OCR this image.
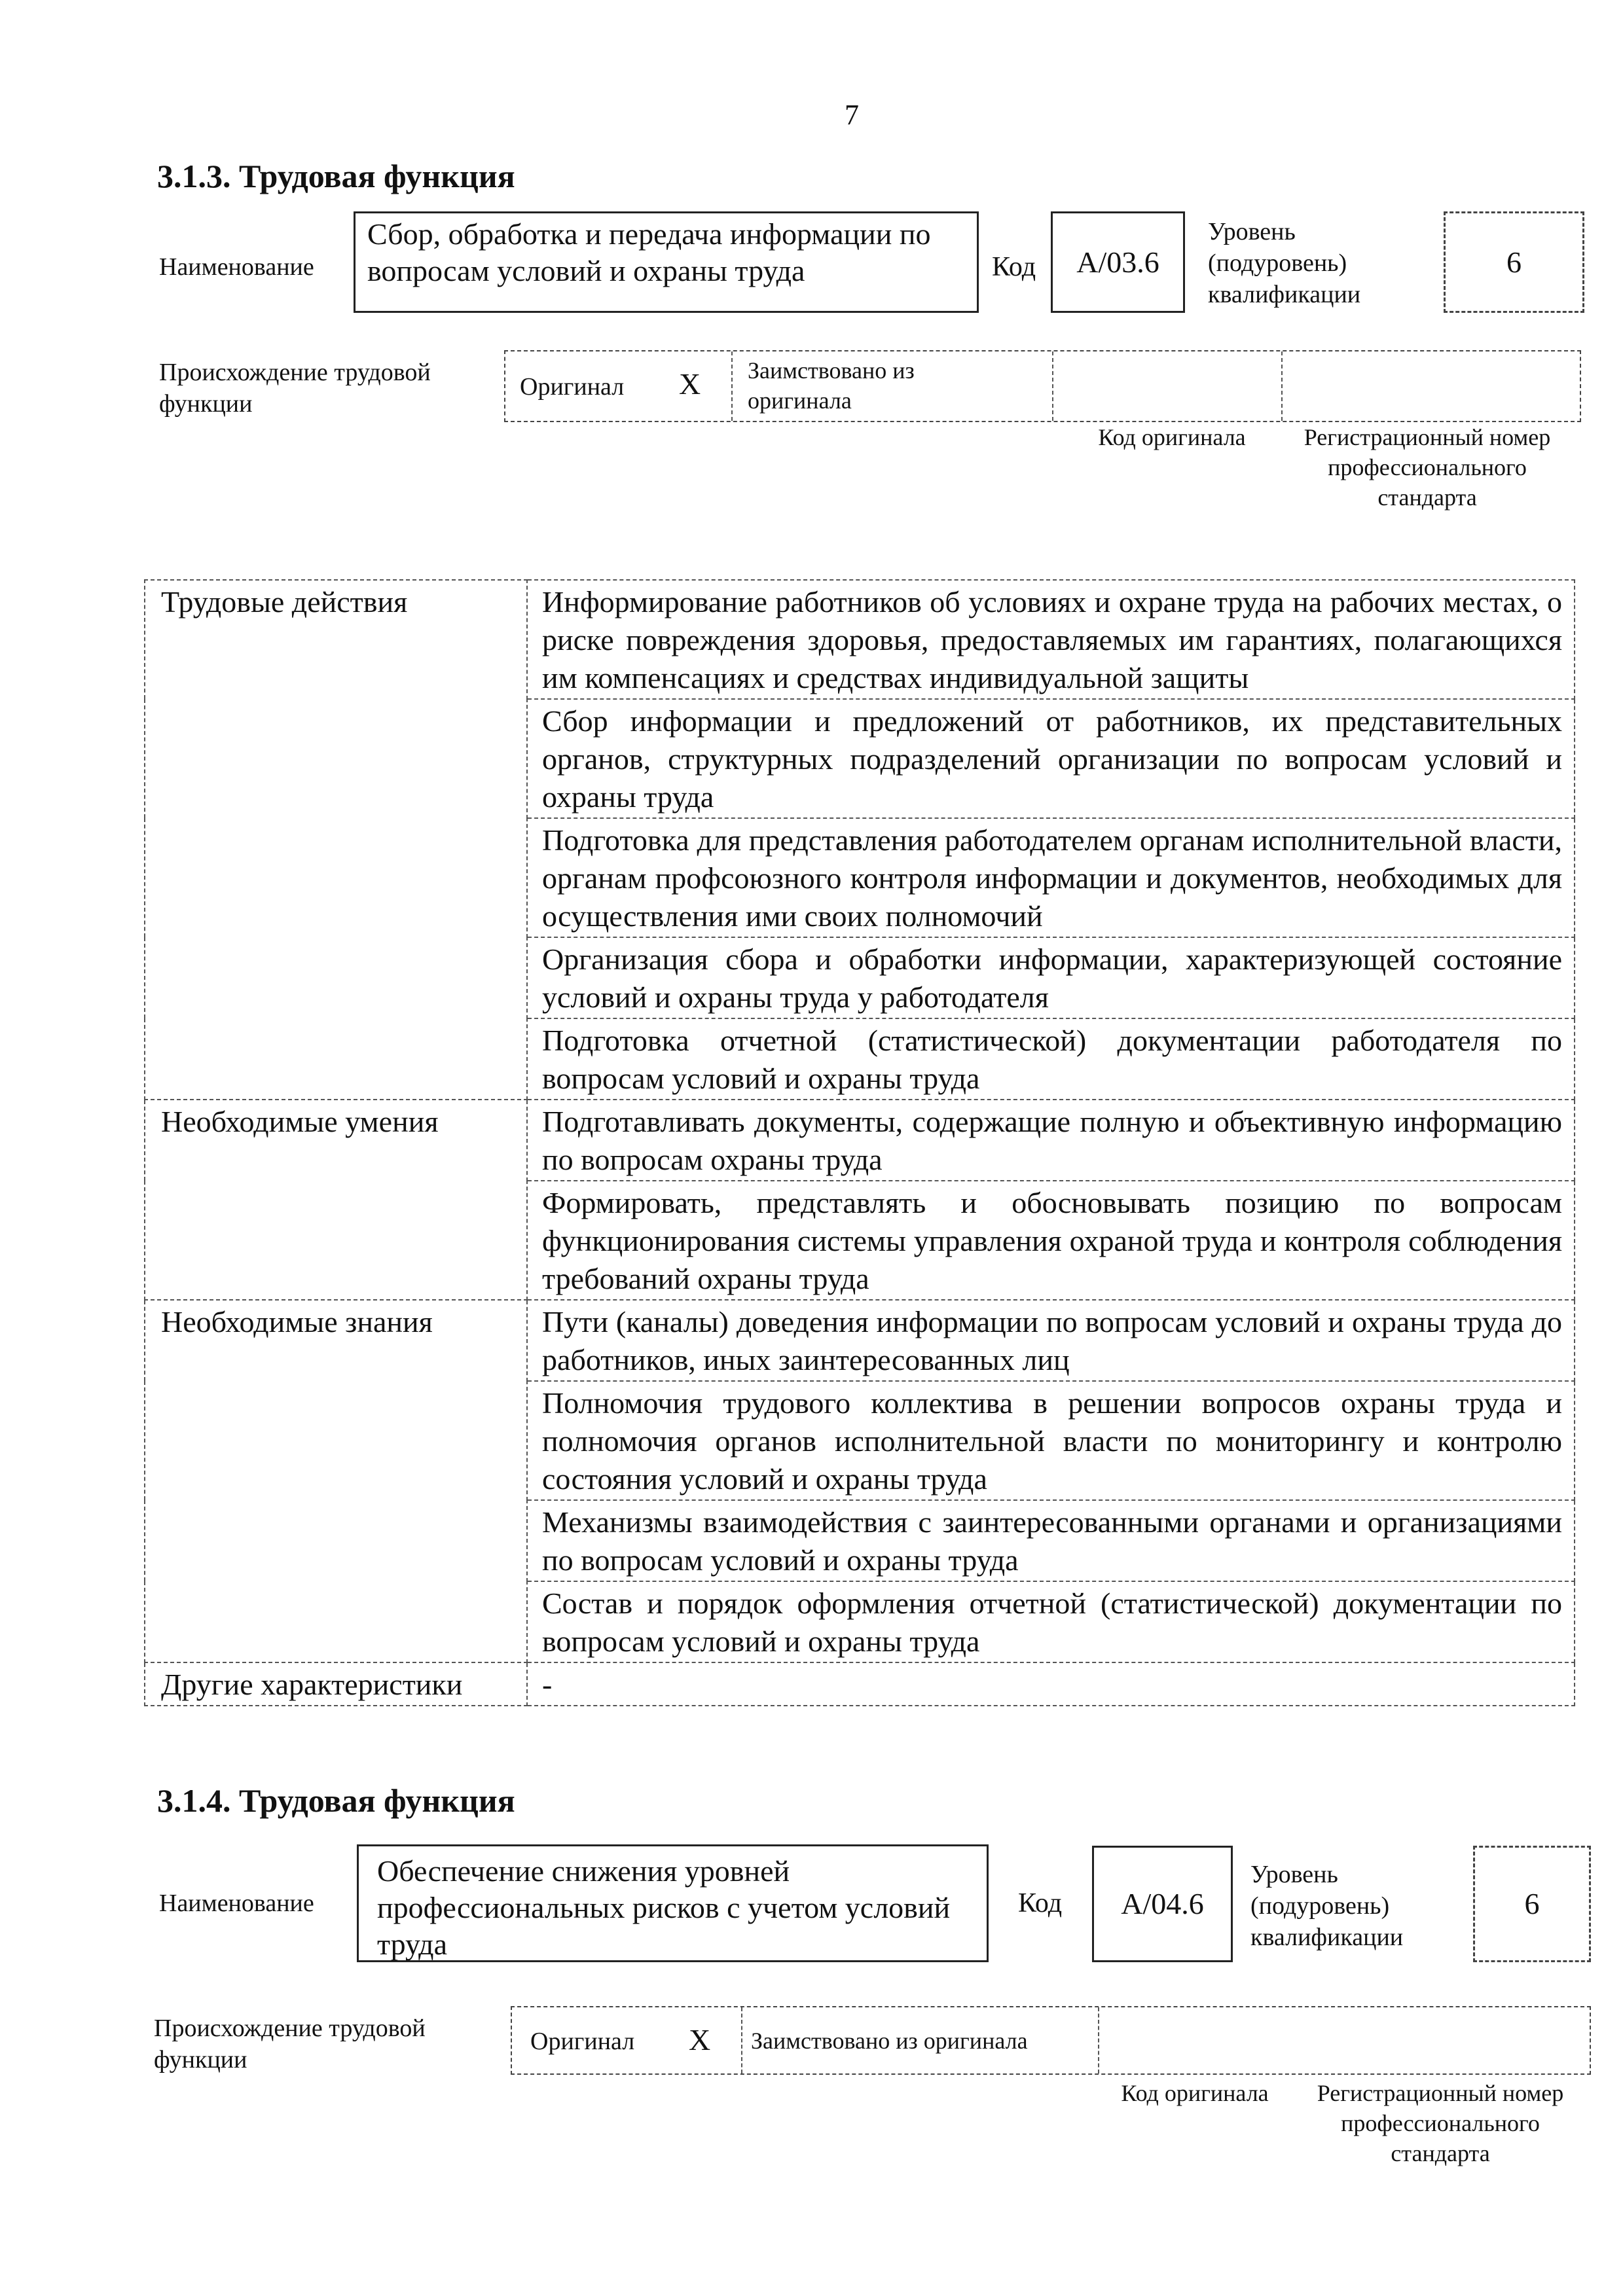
7
3.1.3. Трудовая функция
Наименование
Сбор, обработка и передача информации по вопросам условий и охраны труда	Код A/03.6
Уровень (подуровень) квалификации
6
Происхождение трудовой функции
Оригинал X Заимствовано из оригинала
Код оригинала	Регистрационный номер профессионального стандарта
Трудовые действия	Информирование работников об условиях и охране труда на рабочих местах, о риске повреждения здоровья, предоставляемых им гарантиях, полагающихся им компенсациях и средствах индивидуальной защиты
	Сбор информации и предложений от работников, их представительных органов, структурных подразделений организации по вопросам условий и охраны труда
	Подготовка для представления работодателем органам исполнительной власти, органам профсоюзного контроля информации и документов, необходимых для осуществления ими своих полномочий
	Организация сбора и обработки информации, характеризующей состояние условий и охраны труда у работодателя
	Подготовка отчетной (статистической) документации работодателя по вопросам условий и охраны труда
Необходимые умения	Подготавливать документы, содержащие полную и объективную информацию по вопросам охраны труда
	Формировать, представлять и обосновывать позицию по вопросам функционирования системы управления охраной труда и контроля соблюдения требований охраны труда
Необходимые знания	Пути (каналы) доведения информации по вопросам условий и охраны труда до работников, иных заинтересованных лиц
	Полномочия трудового коллектива в решении вопросов охраны труда и полномочия органов исполнительной власти по мониторингу и контролю состояния условий и охраны труда
	Механизмы взаимодействия с заинтересованными органами и организациями по вопросам условий и охраны труда
	Состав и порядок оформления отчетной (статистической) документации по вопросам условий и охраны труда
Другие характеристики	-
3.1.4. Трудовая функция
Наименование
Обеспечение снижения уровней профессиональных рисков с учетом условий труда
Код A/04.6
Уровень (подуровень) квалификации
6
Происхождение трудовой функции
Оригинал X Заимствовано из оригинала
Код оригинала	Регистрационный номер профессионального стандарта
